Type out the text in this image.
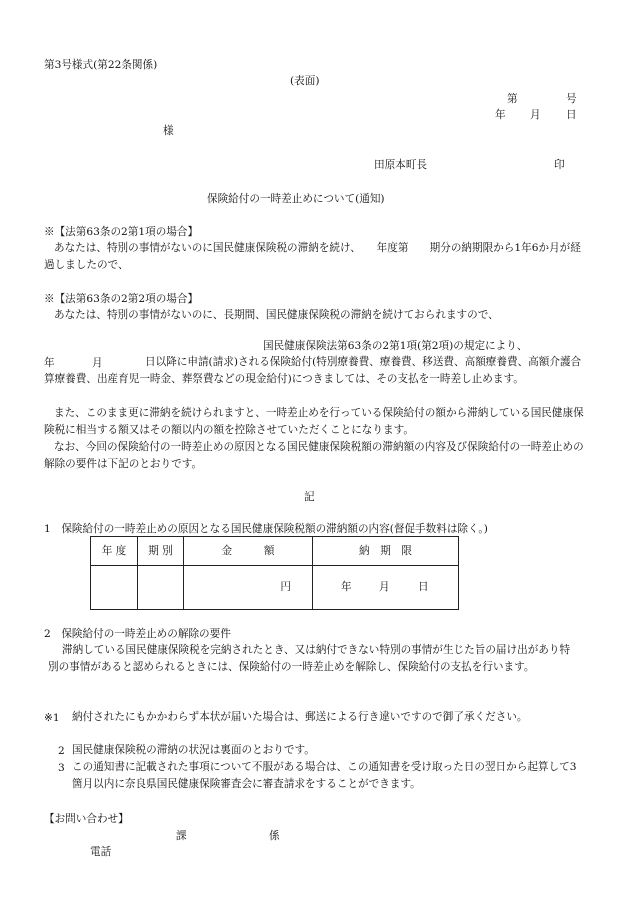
第3号様式(第22条関係)
(表面)
第	号
年 月 日
様
田原本町長	印
保険給付の一時差止めについて(通知)
※【法第63条の2第1項の場合】
あなたは、特別の事情がないのに国民健康保険税の滞納を続け、　　年度第　　期分の納期限から1年6か月が経過しましたので、
※【法第63条の2第2項の場合】
あなたは、特別の事情がないのに、長期間、国民健康保険税の滞納を続けておられますので、
国民健康保険法第63条の2第1項(第2項)の規定により、
年	月	日以降に申請(請求)される保険給付(特別療養費、療養費、移送費、高額療養費、高額介護合算療養費、出産育児一時金、葬祭費などの現金給付)につきましては、その支払を一時差し止めます。
また、このまま更に滞納を続けられますと、一時差止めを行っている保険給付の額から滞納している国民健康保険税に相当する額又はその額以内の額を控除させていただくことになります。
なお、今回の保険給付の一時差止めの原因となる国民健康保険税額の滞納額の内容及び保険給付の一時差止めの解除の要件は下記のとおりです。
記
1　保険給付の一時差止めの原因となる国民健康保険税額の滞納額の内容(督促手数料は除く。)
年 度	期 別	金　　　額	納　期　限
		円	年 月 日
2　保険給付の一時差止めの解除の要件
滞納している国民健康保険税を完納されたとき、又は納付できない特別の事情が生じた旨の届け出があり特別の事情があると認められるときには、保険給付の一時差止めを解除し、保険給付の支払を行います。
※1 納付されたにもかかわらず本状が届いた場合は、郵送による行き違いですので御了承ください。
2 国民健康保険税の滞納の状況は裏面のとおりです。
3 この通知書に記載された事項について不服がある場合は、この通知書を受け取った日の翌日から起算して3箇月以内に奈良県国民健康保険審査会に審査請求をすることができます。
【お問い合わせ】
課	係
電話
